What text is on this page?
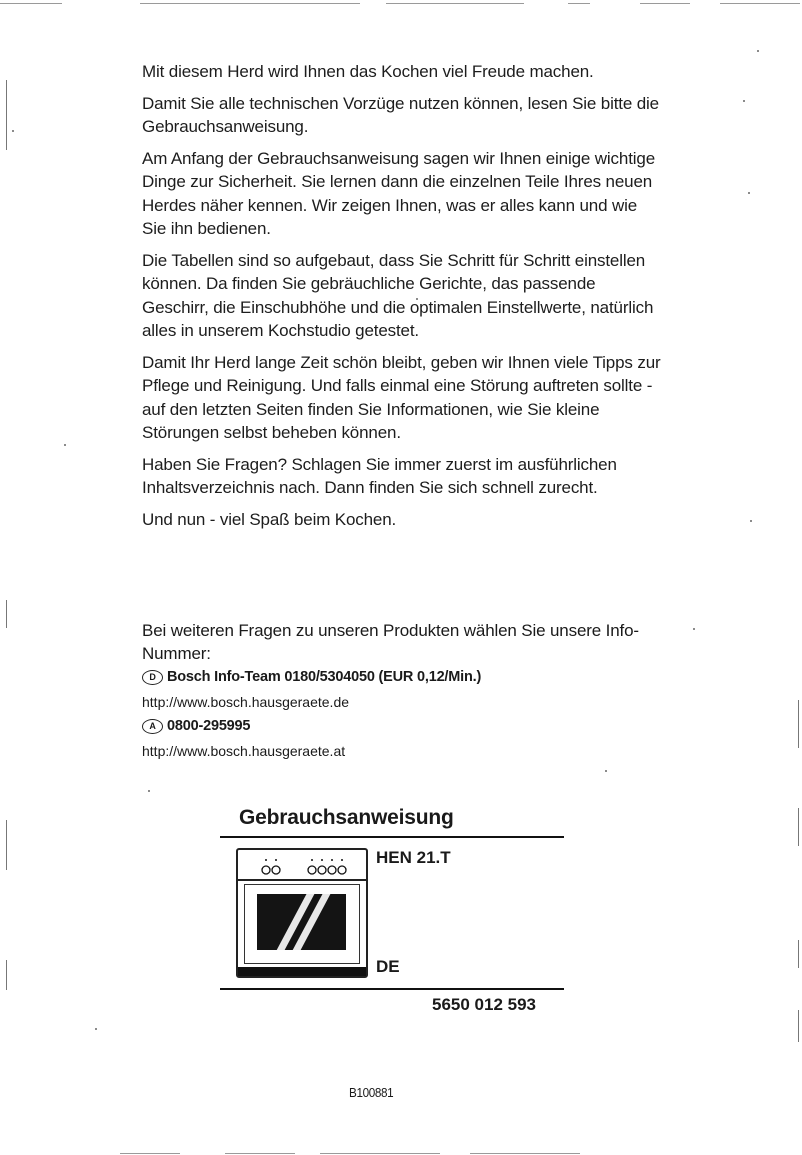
Mit diesem Herd wird Ihnen das Kochen viel Freude machen.

Damit Sie alle technischen Vorzüge nutzen können, lesen Sie bitte die Gebrauchsanweisung.

Am Anfang der Gebrauchsanweisung sagen wir Ihnen einige wichtige Dinge zur Sicherheit. Sie lernen dann die einzelnen Teile Ihres neuen Herdes näher kennen. Wir zeigen Ihnen, was er alles kann und wie Sie ihn bedienen.

Die Tabellen sind so aufgebaut, dass Sie Schritt für Schritt einstellen können. Da finden Sie gebräuchliche Gerichte, das passende Geschirr, die Einschubhöhe und die optimalen Einstellwerte, natürlich alles in unserem Kochstudio getestet.

Damit Ihr Herd lange Zeit schön bleibt, geben wir Ihnen viele Tipps zur Pflege und Reinigung. Und falls einmal eine Störung auftreten sollte - auf den letzten Seiten finden Sie Informationen, wie Sie kleine Störungen selbst beheben können.

Haben Sie Fragen? Schlagen Sie immer zuerst im ausführlichen Inhaltsverzeichnis nach. Dann finden Sie sich schnell zurecht.

Und nun - viel Spaß beim Kochen.

Bei weiteren Fragen zu unseren Produkten wählen Sie unsere Info-Nummer:

D Bosch Info-Team 0180/5304050 (EUR 0,12/Min.)

http://www.bosch.hausgeraete.de

A 0800-295995

http://www.bosch.hausgeraete.at

Gebrauchsanweisung
HEN 21.T
DE
5650 012 593
B100881
